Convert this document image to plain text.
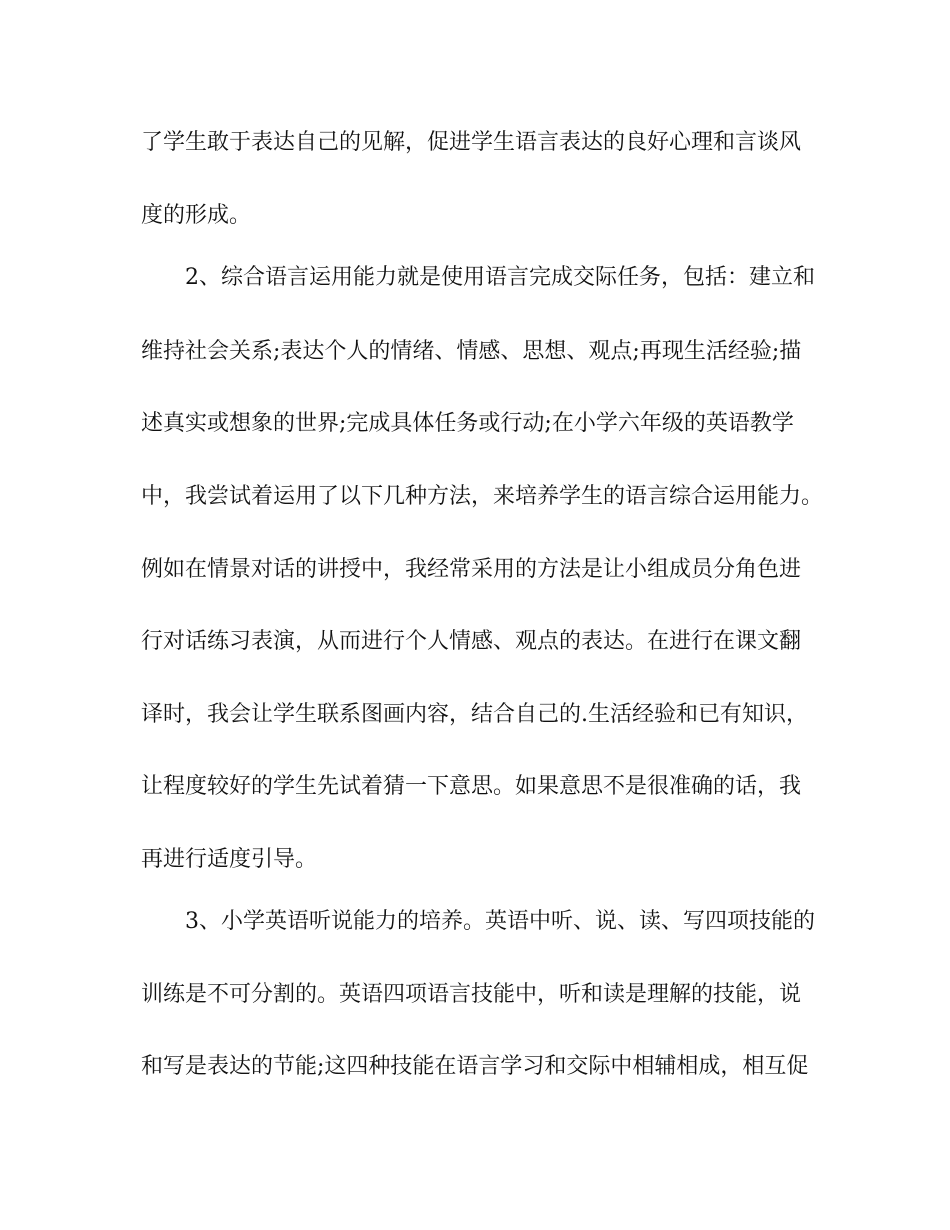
了学生敢于表达自己的见解，促进学生语言表达的良好心理和言谈风
度的形成。
2、综合语言运用能力就是使用语言完成交际任务，包括：建立和
维持社会关系;表达个人的情绪、情感、思想、观点;再现生活经验;描
述真实或想象的世界;完成具体任务或行动;在小学六年级的英语教学
中，我尝试着运用了以下几种方法，来培养学生的语言综合运用能力。
例如在情景对话的讲授中，我经常采用的方法是让小组成员分角色进
行对话练习表演，从而进行个人情感、观点的表达。在进行在课文翻
译时，我会让学生联系图画内容，结合自己的.生活经验和已有知识，
让程度较好的学生先试着猜一下意思。如果意思不是很准确的话，我
再进行适度引导。
3、小学英语听说能力的培养。英语中听、说、读、写四项技能的
训练是不可分割的。英语四项语言技能中，听和读是理解的技能，说
和写是表达的节能;这四种技能在语言学习和交际中相辅相成，相互促
